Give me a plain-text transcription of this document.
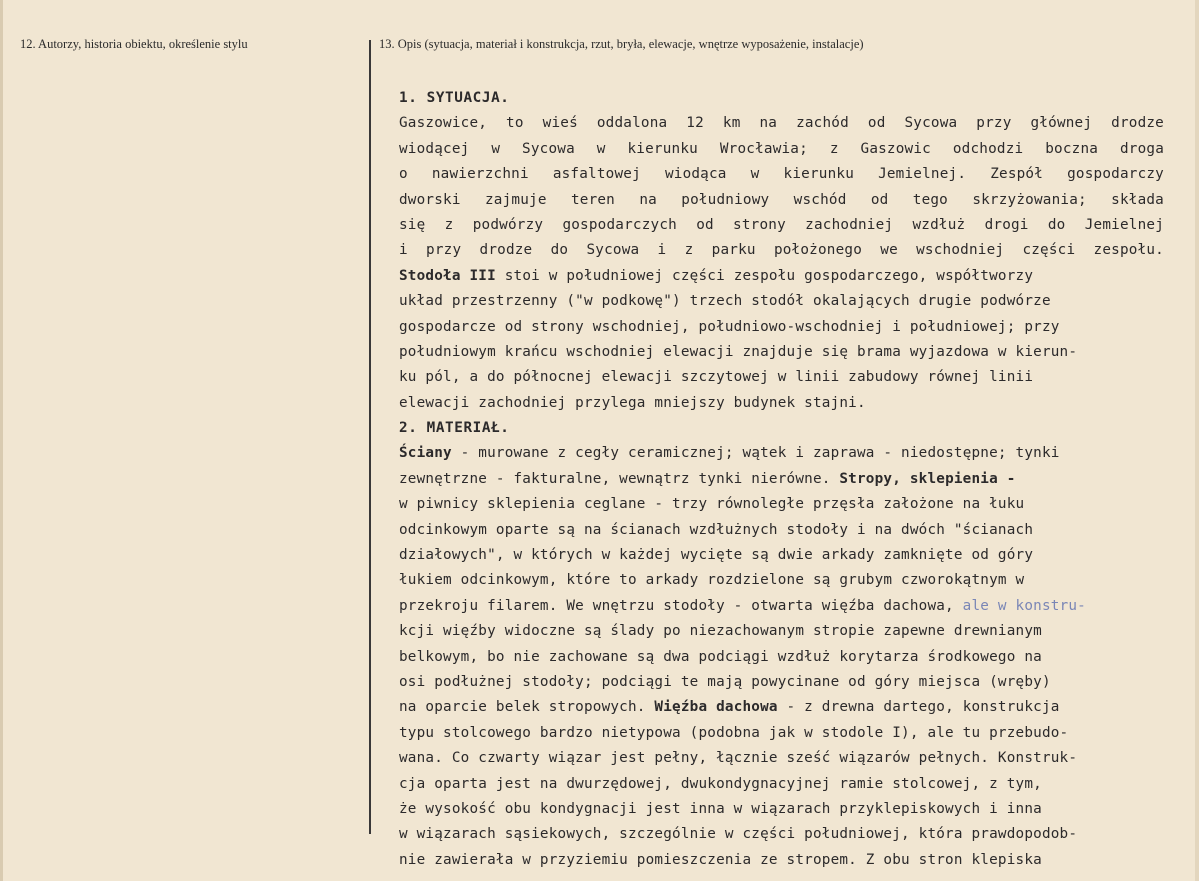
12. Autorzy, historia obiektu, określenie stylu	13. Opis (sytuacja, materiał i konstrukcja, rzut, bryła, elewacje, wnętrze wyposażenie, instalacje)
1. SYTUACJA.
Gaszowice, to wieś oddalona 12 km na zachód od Sycowa przy głównej drodze
wiodącej w Sycowa w kierunku Wrocławia; z Gaszowic odchodzi boczna droga
o nawierzchni asfaltowej wiodąca w kierunku Jemielnej. Zespół gospodarczy
dworski zajmuje teren na południowy wschód od tego skrzyżowania; składa
się z podwórzy gospodarczych od strony zachodniej wzdłuż drogi do Jemielnej
i przy drodze do Sycowa i z parku położonego we wschodniej części zespołu.
Stodoła III stoi w południowej części zespołu gospodarczego, współtworzy
układ przestrzenny ("w podkowę") trzech stodół okalających drugie podwórze
gospodarcze od strony wschodniej, południowo-wschodniej i południowej; przy
południowym krańcu wschodniej elewacji znajduje się brama wyjazdowa w kierun-
ku pól, a do północnej elewacji szczytowej w linii zabudowy równej linii
elewacji zachodniej przylega mniejszy budynek stajni.
2. MATERIAŁ.
Ściany - murowane z cegły ceramicznej; wątek i zaprawa - niedostępne; tynki
zewnętrzne - fakturalne, wewnątrz tynki nierówne. Stropy, sklepienia -
w piwnicy sklepienia ceglane - trzy równoległe przęsła założone na łuku
odcinkowym oparte są na ścianach wzdłużnych stodoły i na dwóch "ścianach
działowych", w których w każdej wycięte są dwie arkady zamknięte od góry
łukiem odcinkowym, które to arkady rozdzielone są grubym czworokątnym w
przekroju filarem. We wnętrzu stodoły - otwarta więźba dachowa, ale w konstru-
kcji więźby widoczne są ślady po niezachowanym stropie zapewne drewnianym
belkowym, bo nie zachowane są dwa podciągi wzdłuż korytarza środkowego na
osi podłużnej stodoły; podciągi te mają powycinane od góry miejsca (wręby)
na oparcie belek stropowych. Więźba dachowa - z drewna dartego, konstrukcja
typu stolcowego bardzo nietypowa (podobna jak w stodole I), ale tu przebudo-
wana. Co czwarty wiązar jest pełny, łącznie sześć wiązarów pełnych. Konstruk-
cja oparta jest na dwurzędowej, dwukondygnacyjnej ramie stolcowej, z tym,
że wysokość obu kondygnacji jest inna w wiązarach przyklepiskowych i inna
w wiązarach sąsiekowych, szczególnie w części południowej, która prawdopodob-
nie zawierała w przyziemiu pomieszczenia ze stropem. Z obu stron klepiska
